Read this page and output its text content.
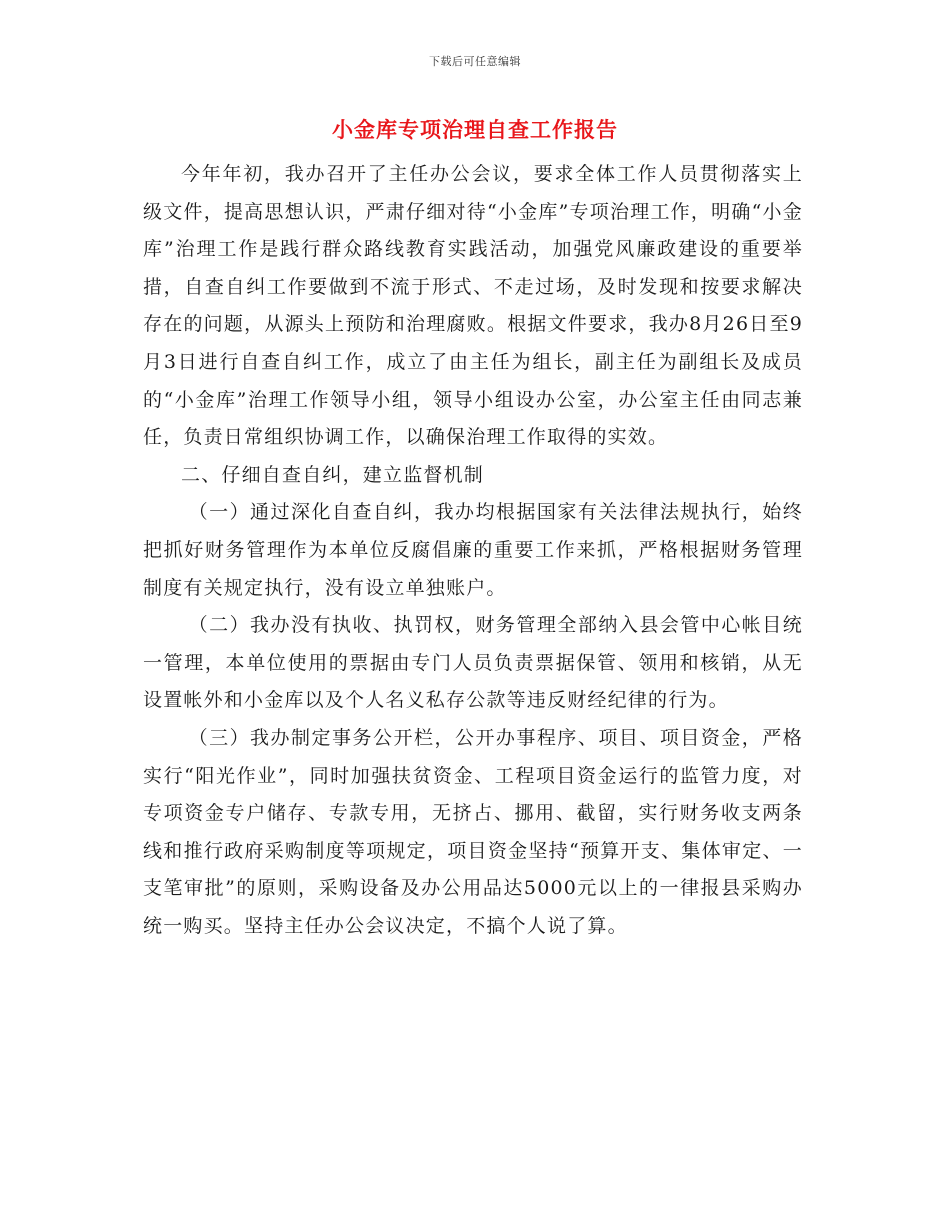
下载后可任意编辑
小金库专项治理自查工作报告

今年年初，我办召开了主任办公会议，要求全体工作人员贯彻落实上级文件，提高思想认识，严肃仔细对待“小金库”专项治理工作，明确“小金库”治理工作是践行群众路线教育实践活动，加强党风廉政建设的重要举措，自查自纠工作要做到不流于形式、不走过场，及时发现和按要求解决存在的问题，从源头上预防和治理腐败。根据文件要求，我办8月26日至9月3日进行自查自纠工作，成立了由主任为组长，副主任为副组长及成员的“小金库”治理工作领导小组，领导小组设办公室，办公室主任由同志兼任，负责日常组织协调工作，以确保治理工作取得的实效。

二、仔细自查自纠，建立监督机制

（一）通过深化自查自纠，我办均根据国家有关法律法规执行，始终把抓好财务管理作为本单位反腐倡廉的重要工作来抓，严格根据财务管理制度有关规定执行，没有设立单独账户。

（二）我办没有执收、执罚权，财务管理全部纳入县会管中心帐目统一管理，本单位使用的票据由专门人员负责票据保管、领用和核销，从无设置帐外和小金库以及个人名义私存公款等违反财经纪律的行为。

（三）我办制定事务公开栏，公开办事程序、项目、项目资金，严格实行“阳光作业”，同时加强扶贫资金、工程项目资金运行的监管力度，对专项资金专户储存、专款专用，无挤占、挪用、截留，实行财务收支两条线和推行政府采购制度等项规定，项目资金坚持“预算开支、集体审定、一支笔审批”的原则，采购设备及办公用品达5000元以上的一律报县采购办统一购买。坚持主任办公会议决定，不搞个人说了算。
